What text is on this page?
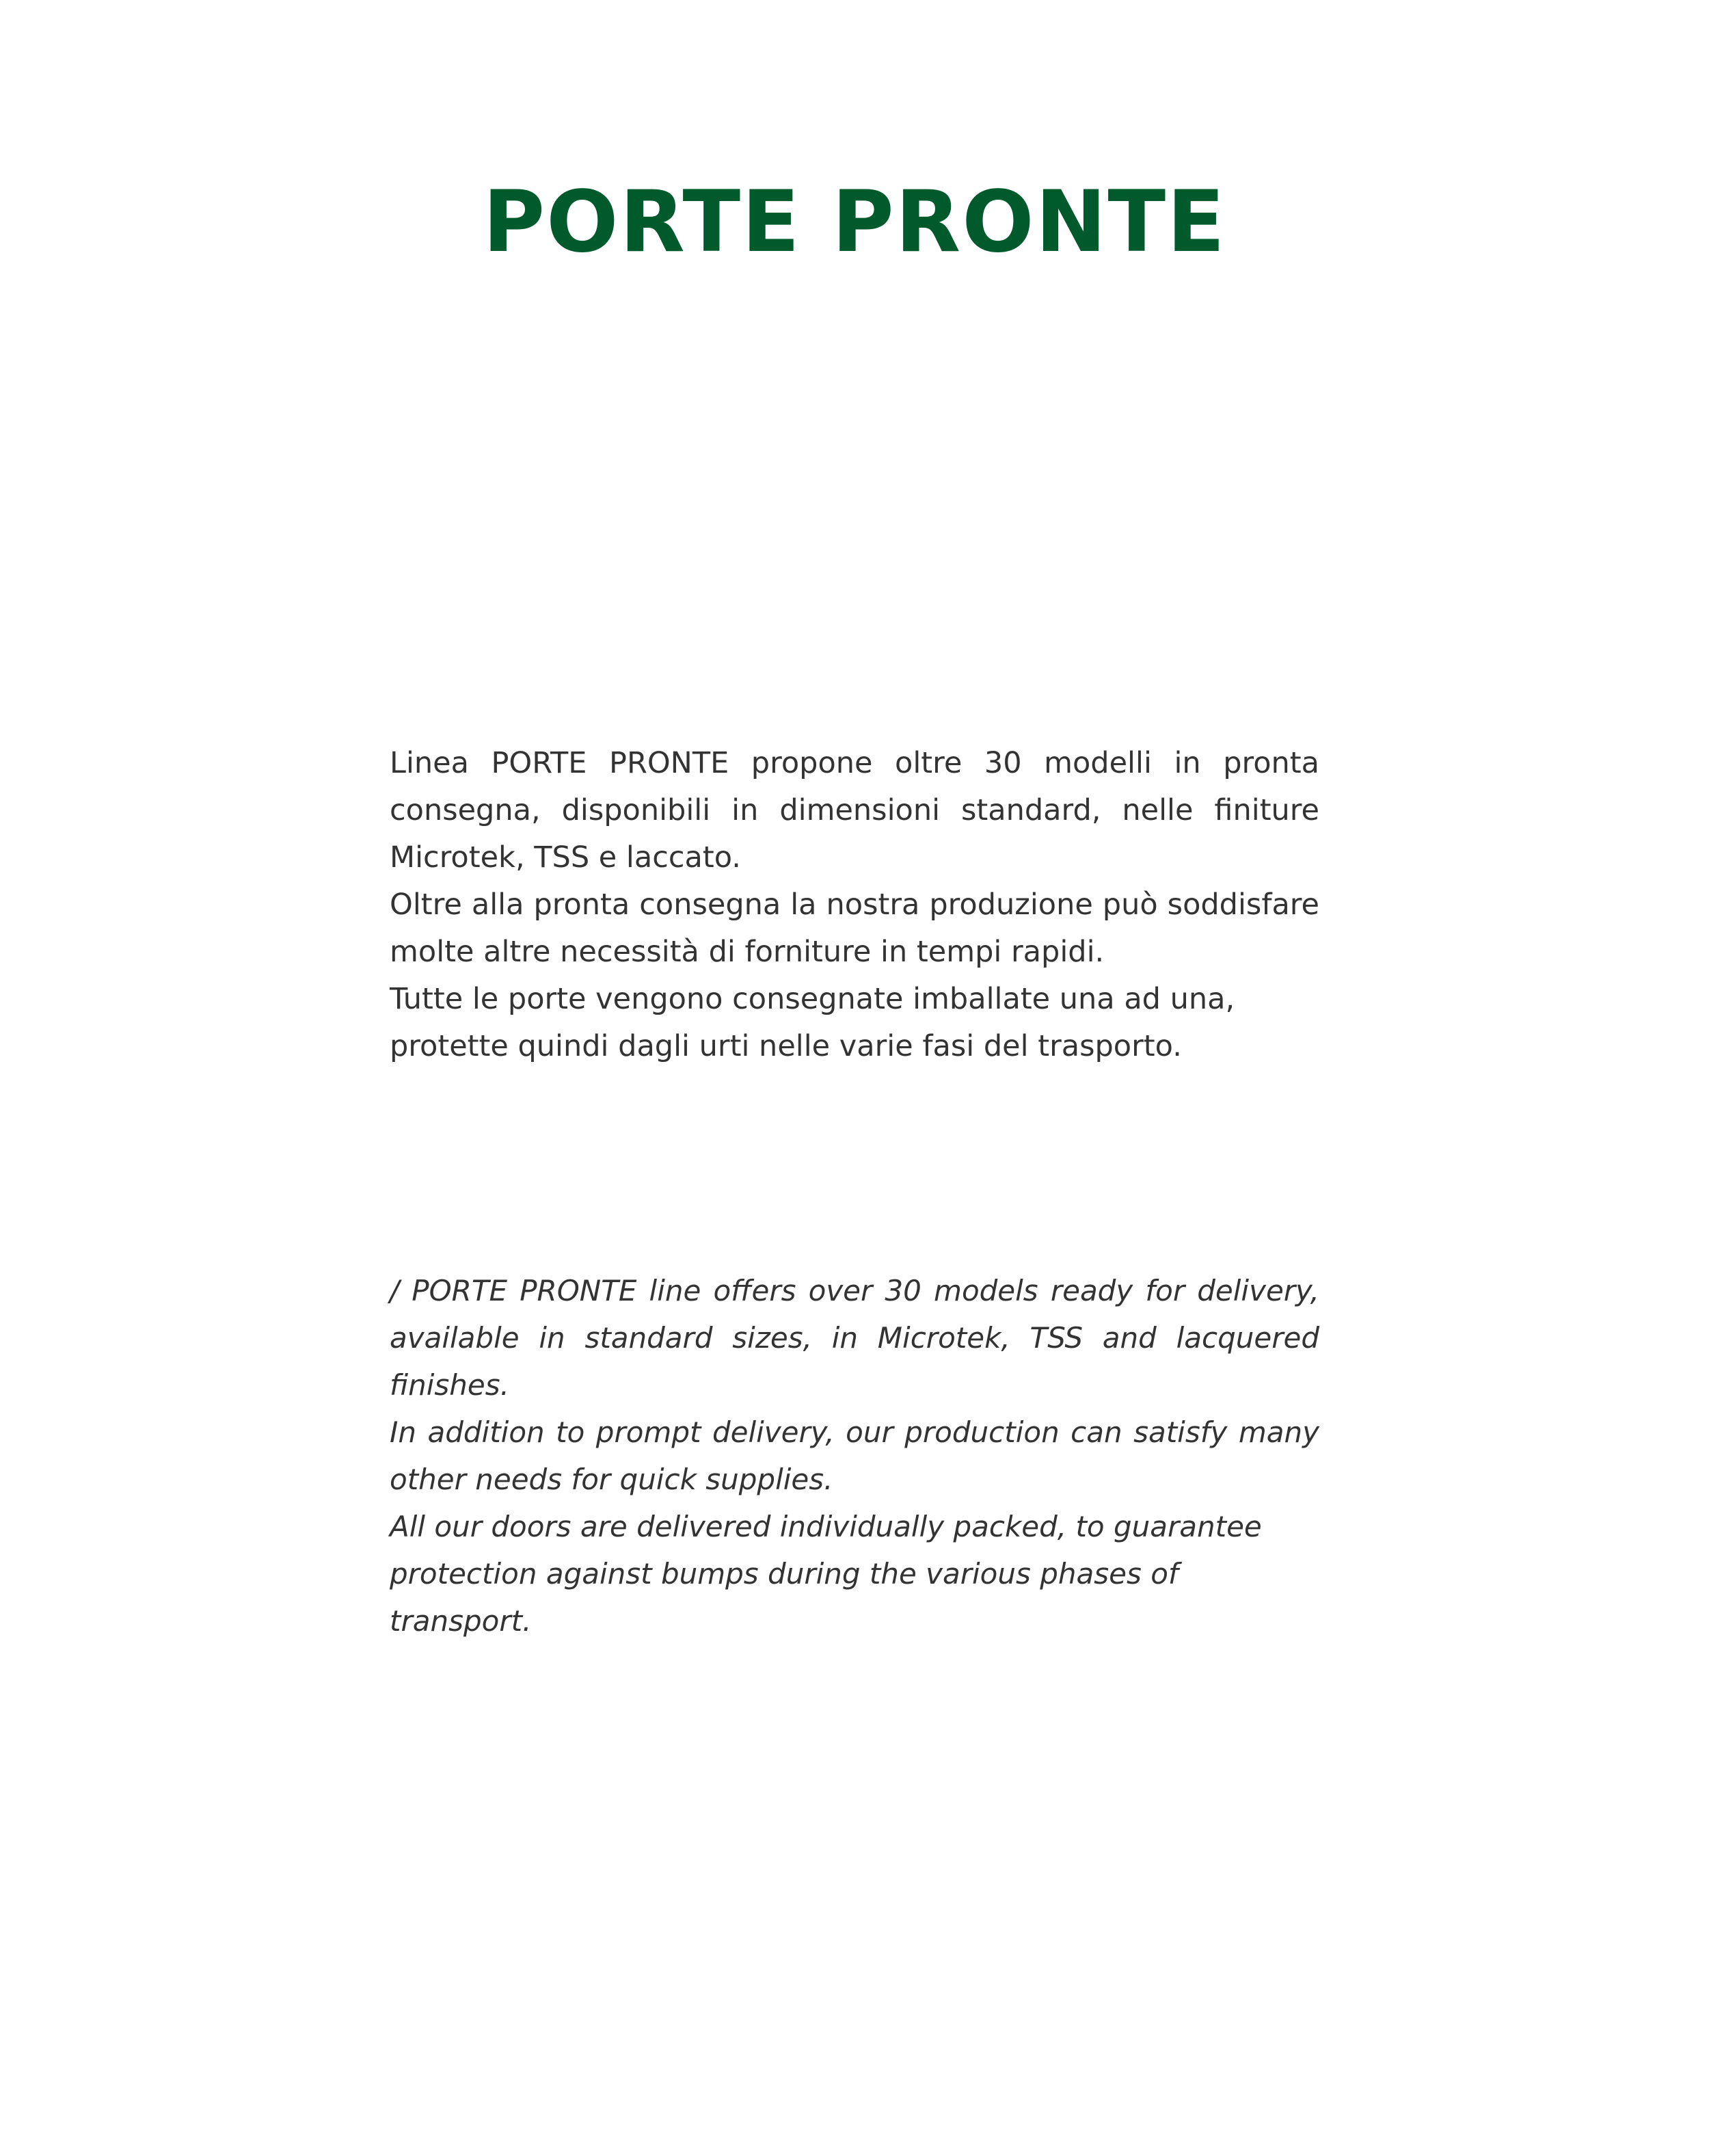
PORTE PRONTE

Linea PORTE PRONTE propone oltre 30 modelli in pronta consegna, disponibili in dimensioni standard, nelle finiture Microtek, TSS e laccato.

Oltre alla pronta consegna la nostra produzione può soddisfare molte altre necessità di forniture in tempi rapidi.

Tutte le porte vengono consegnate imballate una ad una, protette quindi dagli urti nelle varie fasi del trasporto.

/ PORTE PRONTE line offers over 30 models ready for delivery, available in standard sizes, in Microtek, TSS and lacquered finishes.

In addition to prompt delivery, our production can satisfy many other needs for quick supplies.

All our doors are delivered individually packed, to guarantee protection against bumps during the various phases of transport.
